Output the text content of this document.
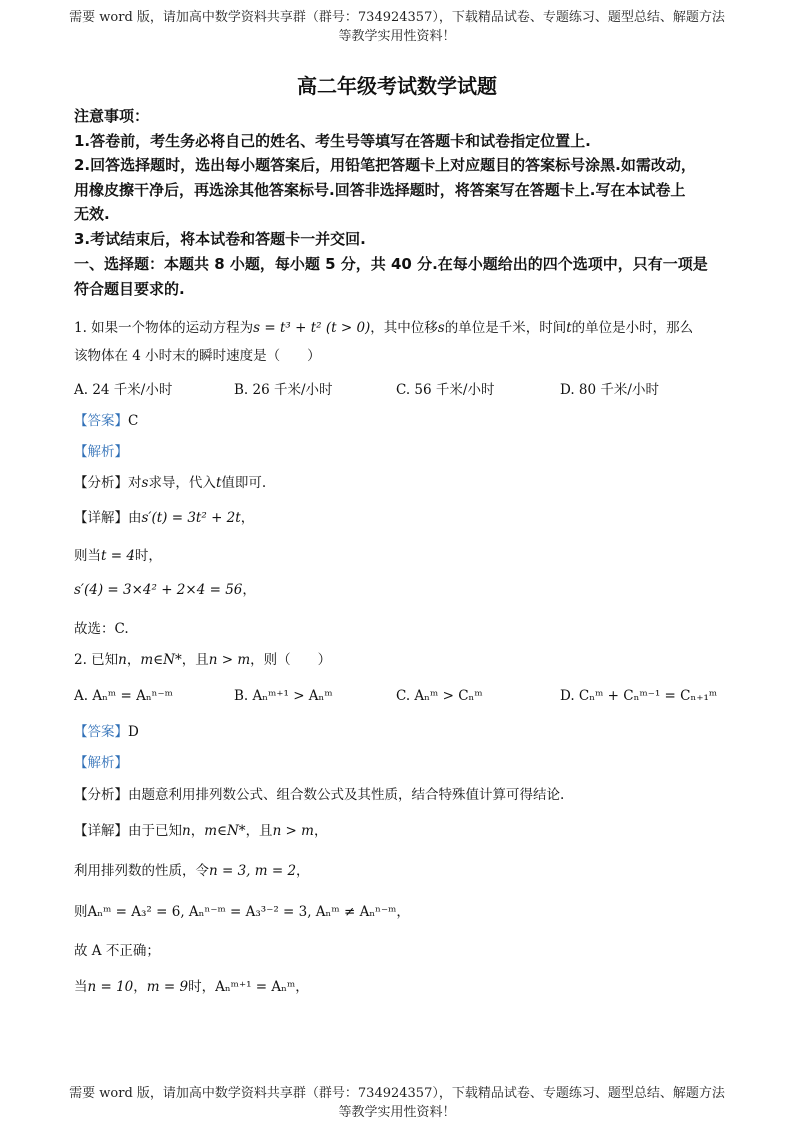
需要 word 版，请加高中数学资料共享群（群号：734924357），下载精品试卷、专题练习、题型总结、解题方法
等教学实用性资料！
高二年级考试数学试题
注意事项：
1.答卷前，考生务必将自己的姓名、考生号等填写在答题卡和试卷指定位置上.
2.回答选择题时，选出每小题答案后，用铅笔把答题卡上对应题目的答案标号涂黑.如需改动，
用橡皮擦干净后，再选涂其他答案标号.回答非选择题时，将答案写在答题卡上.写在本试卷上
无效.
3.考试结束后，将本试卷和答题卡一并交回.
一、选择题：本题共 8 小题，每小题 5 分，共 40 分.在每小题给出的四个选项中，只有一项是
符合题目要求的.
1. 如果一个物体的运动方程为s = t³ + t² (t > 0)，其中位移s的单位是千米，时间t的单位是小时，那么
该物体在 4 小时末的瞬时速度是（　　）
A. 24 千米/小时	B. 26 千米/小时	C. 56 千米/小时	D. 80 千米/小时
【答案】C
【解析】
【分析】对s求导，代入t值即可.
【详解】由s′(t) = 3t² + 2t，
则当t = 4时，
s′(4) = 3×4² + 2×4 = 56，
故选：C.
2. 已知n，m∈N*，且n > m，则（　　）
A. Aₙᵐ = Aₙⁿ⁻ᵐ	B. Aₙᵐ⁺¹ > Aₙᵐ	C. Aₙᵐ > Cₙᵐ	D. Cₙᵐ + Cₙᵐ⁻¹ = Cₙ₊₁ᵐ
【答案】D
【解析】
【分析】由题意利用排列数公式、组合数公式及其性质，结合特殊值计算可得结论.
【详解】由于已知n，m∈N*，且n > m，
利用排列数的性质，令n = 3, m = 2，
则Aₙᵐ = A₃² = 6, Aₙⁿ⁻ᵐ = A₃³⁻² = 3, Aₙᵐ ≠ Aₙⁿ⁻ᵐ，
故 A 不正确；
当n = 10，m = 9时，Aₙᵐ⁺¹ = Aₙᵐ，
需要 word 版，请加高中数学资料共享群（群号：734924357），下载精品试卷、专题练习、题型总结、解题方法
等教学实用性资料！
